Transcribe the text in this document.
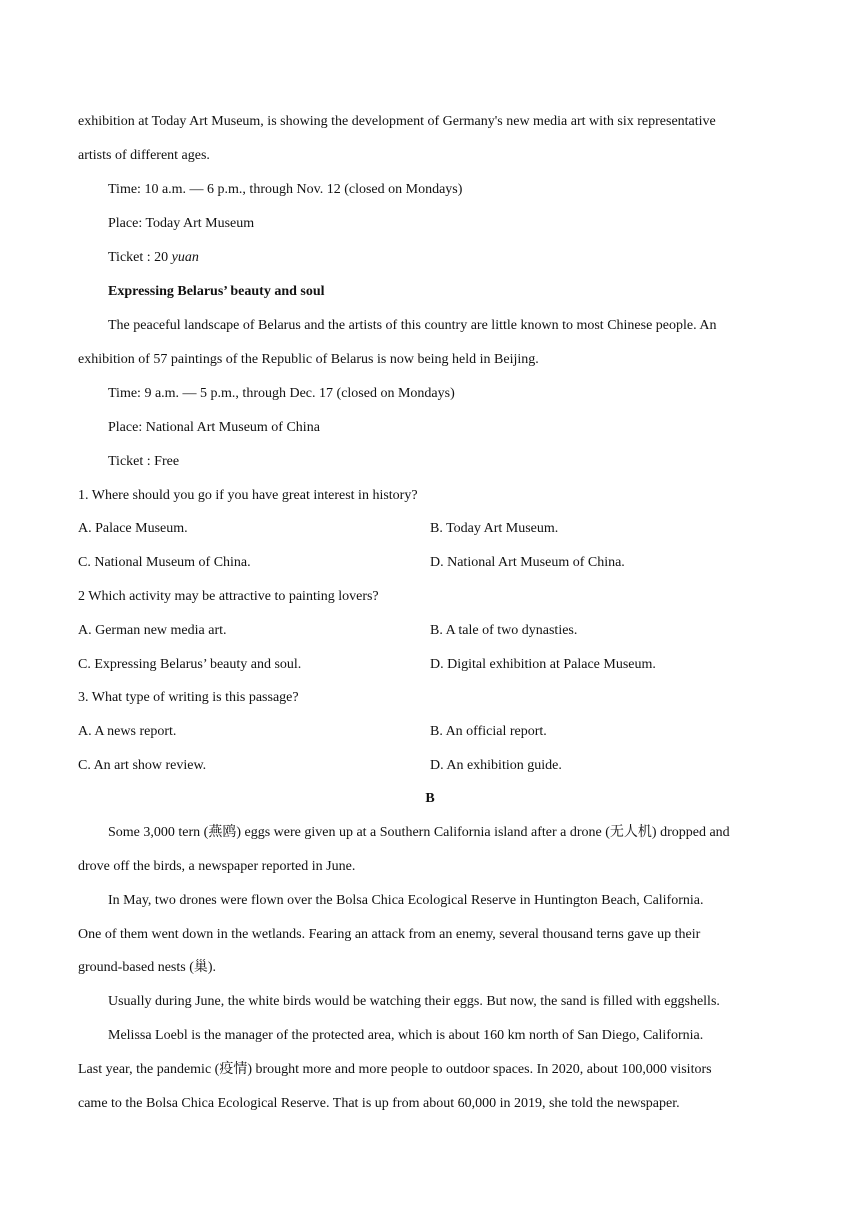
exhibition at Today Art Museum, is showing the development of Germany's new media art with six representative
artists of different ages.
Time: 10 a.m. — 6 p.m., through Nov. 12 (closed on Mondays)
Place: Today Art Museum
Ticket : 20 yuan
Expressing Belarus’ beauty and soul
The peaceful landscape of Belarus and the artists of this country are little known to most Chinese people. An
exhibition of 57 paintings of the Republic of Belarus is now being held in Beijing.
Time: 9 a.m. — 5 p.m., through Dec. 17 (closed on Mondays)
Place: National Art Museum of China
Ticket : Free
1. Where should you go if you have great interest in history?
A. Palace Museum.	B. Today Art Museum.
C. National Museum of China.	D. National Art Museum of China.
2 Which activity may be attractive to painting lovers?
A. German new media art.	B. A tale of two dynasties.
C. Expressing Belarus’ beauty and soul.	D. Digital exhibition at Palace Museum.
3. What type of writing is this passage?
A. A news report.	B. An official report.
C. An art show review.	D. An exhibition guide.
B
Some 3,000 tern (燕鸥) eggs were given up at a Southern California island after a drone (无人机) dropped and
drove off the birds, a newspaper reported in June.
In May, two drones were flown over the Bolsa Chica Ecological Reserve in Huntington Beach, California.
One of them went down in the wetlands. Fearing an attack from an enemy, several thousand terns gave up their
ground-based nests (巢).
Usually during June, the white birds would be watching their eggs. But now, the sand is filled with eggshells.
Melissa Loebl is the manager of the protected area, which is about 160 km north of San Diego, California.
Last year, the pandemic (疫情) brought more and more people to outdoor spaces. In 2020, about 100,000 visitors
came to the Bolsa Chica Ecological Reserve. That is up from about 60,000 in 2019, she told the newspaper.
